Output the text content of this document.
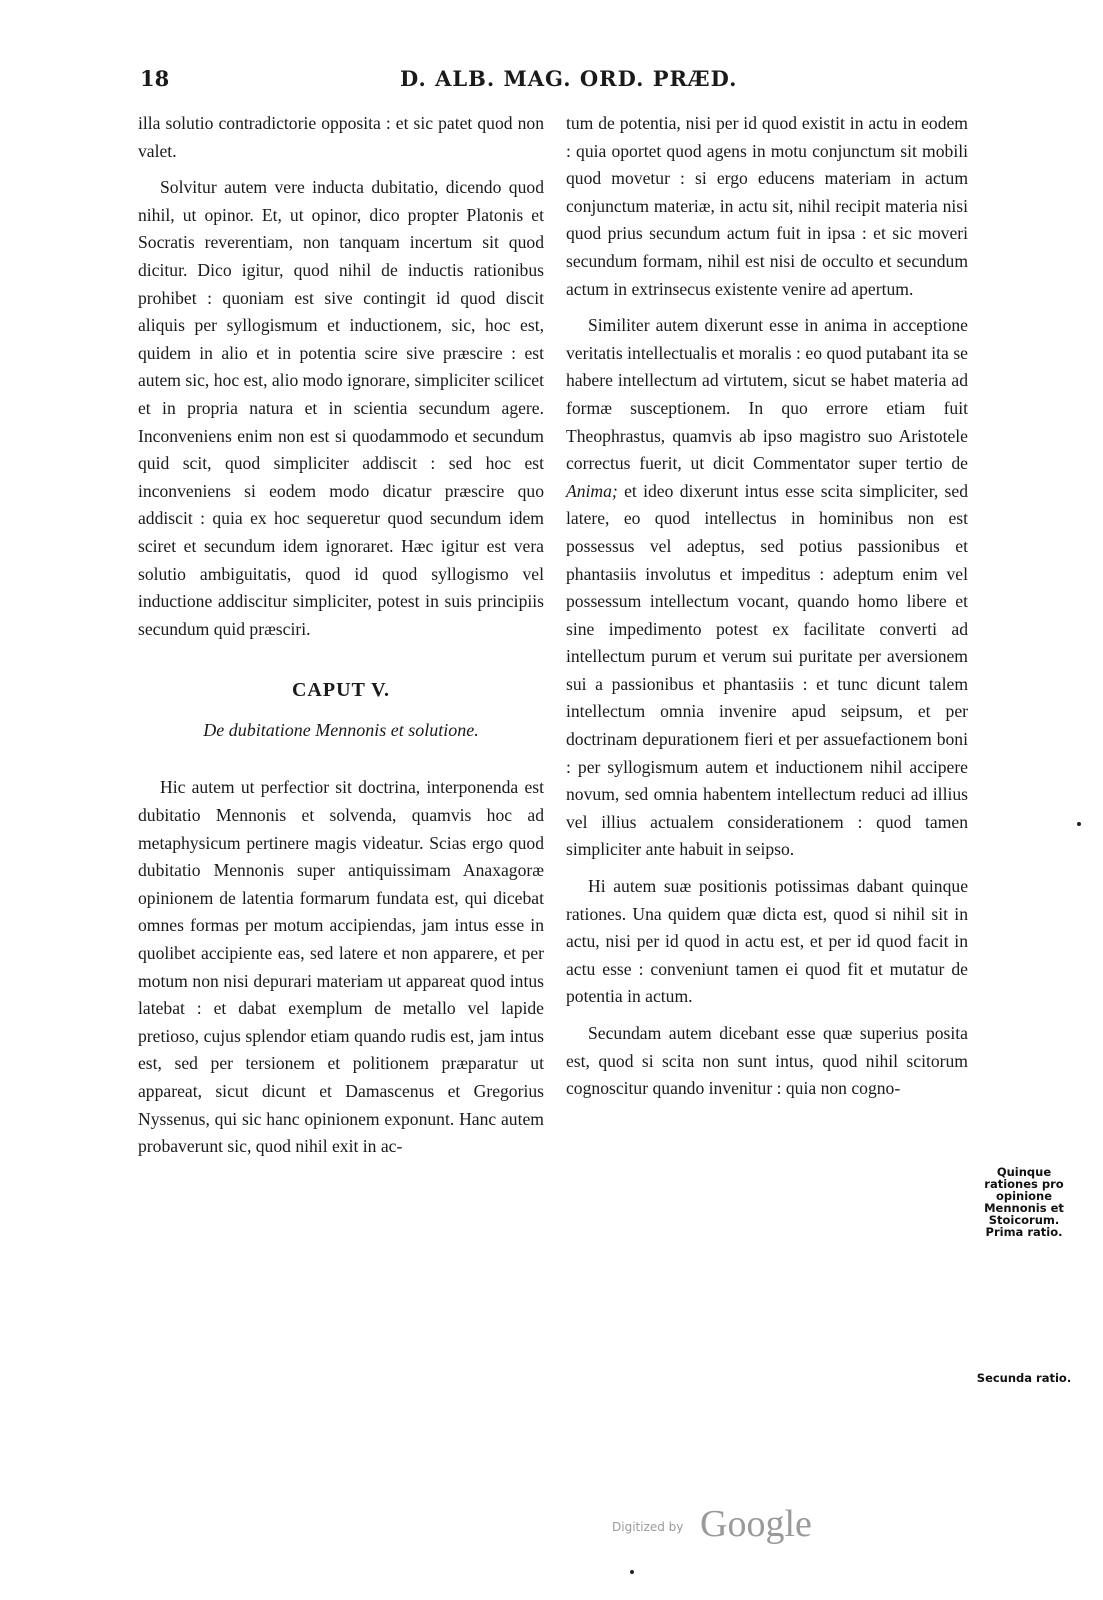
18	D. ALB. MAG. ORD. PRÆD.

illa solutio contradictorie opposita : et sic patet quod non valet.

Solvitur autem vere inducta dubitatio, dicendo quod nihil, ut opinor. Et, ut opinor, dico propter Platonis et Socratis reverentiam, non tanquam incertum sit quod dicitur. Dico igitur, quod nihil de inductis rationibus prohibet : quoniam est sive contingit id quod discit aliquis per syllogismum et inductionem, sic, hoc est, quidem in alio et in potentia scire sive præscire : est autem sic, hoc est, alio modo ignorare, simpliciter scilicet et in propria natura et in scientia secundum agere. Inconveniens enim non est si quodammodo et secundum quid scit, quod simpliciter addiscit : sed hoc est inconveniens si eodem modo dicatur præscire quo addiscit : quia ex hoc sequeretur quod secundum idem sciret et secundum idem ignoraret. Hæc igitur est vera solutio ambiguitatis, quod id quod syllogismo vel inductione addiscitur simpliciter, potest in suis principiis secundum quid præsciri.

CAPUT V.
De dubitatione Mennonis et solutione.

Hic autem ut perfectior sit doctrina, interponenda est dubitatio Mennonis et solvenda, quamvis hoc ad metaphysicum pertinere magis videatur. Scias ergo quod dubitatio Mennonis super antiquissimam Anaxagoræ opinionem de latentia formarum fundata est, qui dicebat omnes formas per motum accipiendas, jam intus esse in quolibet accipiente eas, sed latere et non apparere, et per motum non nisi depurari materiam ut appareat quod intus latebat : et dabat exemplum de metallo vel lapide pretioso, cujus splendor etiam quando rudis est, jam intus est, sed per tersionem et politionem præparatur ut appareat, sicut dicunt et Damascenus et Gregorius Nyssenus, qui sic hanc opinionem exponunt. Hanc autem probaverunt sic, quod nihil exit in ac-

tum de potentia, nisi per id quod existit in actu in eodem : quia oportet quod agens in motu conjunctum sit mobili quod movetur : si ergo educens materiam in actum conjunctum materiæ, in actu sit, nihil recipit materia nisi quod prius secundum actum fuit in ipsa : et sic moveri secundum formam, nihil est nisi de occulto et secundum actum in extrinsecus existente venire ad apertum.

Similiter autem dixerunt esse in anima in acceptione veritatis intellectualis et moralis : eo quod putabant ita se habere intellectum ad virtutem, sicut se habet materia ad formæ susceptionem. In quo errore etiam fuit Theophrastus, quamvis ab ipso magistro suo Aristotele correctus fuerit, ut dicit Commentator super tertio de Anima; et ideo dixerunt intus esse scita simpliciter, sed latere, eo quod intellectus in hominibus non est possessus vel adeptus, sed potius passionibus et phantasiis involutus et impeditus : adeptum enim vel possessum intellectum vocant, quando homo libere et sine impedimento potest ex facilitate converti ad intellectum purum et verum sui puritate per aversionem sui a passionibus et phantasiis : et tunc dicunt talem intellectum omnia invenire apud seipsum, et per doctrinam depurationem fieri et per assuefactionem boni : per syllogismum autem et inductionem nihil accipere novum, sed omnia habentem intellectum reduci ad illius vel illius actualem considerationem : quod tamen simpliciter ante habuit in seipso.

Hi autem suæ positionis potissimas dabant quinque rationes. Una quidem quæ dicta est, quod si nihil sit in actu, nisi per id quod in actu est, et per id quod facit in actu esse : conveniunt tamen ei quod fit et mutatur de potentia in actum.

Secundam autem dicebant esse quæ superius posita est, quod si scita non sunt intus, quod nihil scitorum cognoscitur quando invenitur : quia non cogno-

Quinque rationes pro opinione Mennonis et Stoicorum. Prima ratio.
Secunda ratio.
Digitized by Google
